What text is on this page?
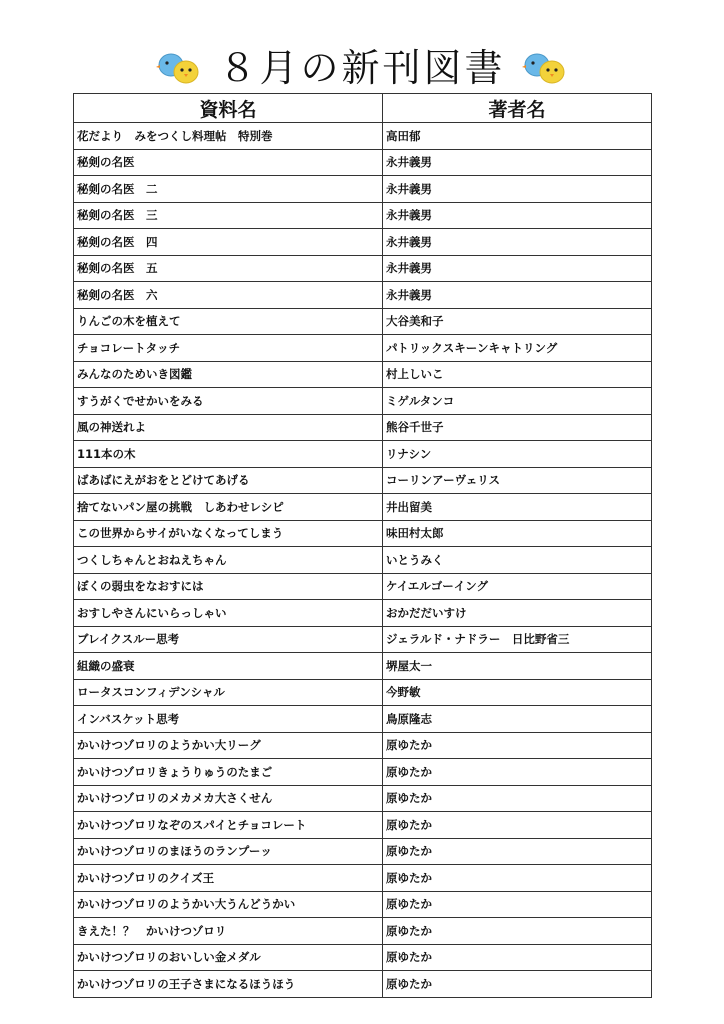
８月の新刊図書
資料名	著者名
花だより　みをつくし料理帖　特別巻	高田郁
秘剣の名医	永井義男
秘剣の名医　二	永井義男
秘剣の名医　三	永井義男
秘剣の名医　四	永井義男
秘剣の名医　五	永井義男
秘剣の名医　六	永井義男
りんごの木を植えて	大谷美和子
チョコレートタッチ	パトリックスキーンキャトリング
みんなのためいき図鑑	村上しいこ
すうがくでせかいをみる	ミゲルタンコ
風の神送れよ	熊谷千世子
111本の木	リナシン
ばあばにえがおをとどけてあげる	コーリンアーヴェリス
捨てないパン屋の挑戦　しあわせレシピ	井出留美
この世界からサイがいなくなってしまう	味田村太郎
つくしちゃんとおねえちゃん	いとうみく
ぼくの弱虫をなおすには	ケイエルゴーイング
おすしやさんにいらっしゃい	おかだだいすけ
ブレイクスルー思考	ジェラルド・ナドラー　日比野省三
組織の盛衰	堺屋太一
ロータスコンフィデンシャル	今野敏
インバスケット思考	鳥原隆志
かいけつゾロリのようかい大リーグ	原ゆたか
かいけつゾロリきょうりゅうのたまご	原ゆたか
かいけつゾロリのメカメカ大さくせん	原ゆたか
かいけつゾロリなぞのスパイとチョコレート	原ゆたか
かいけつゾロリのまほうのランプーッ	原ゆたか
かいけつゾロリのクイズ王	原ゆたか
かいけつゾロリのようかい大うんどうかい	原ゆたか
きえた！？　かいけつゾロリ	原ゆたか
かいけつゾロリのおいしい金メダル	原ゆたか
かいけつゾロリの王子さまになるほうほう	原ゆたか
